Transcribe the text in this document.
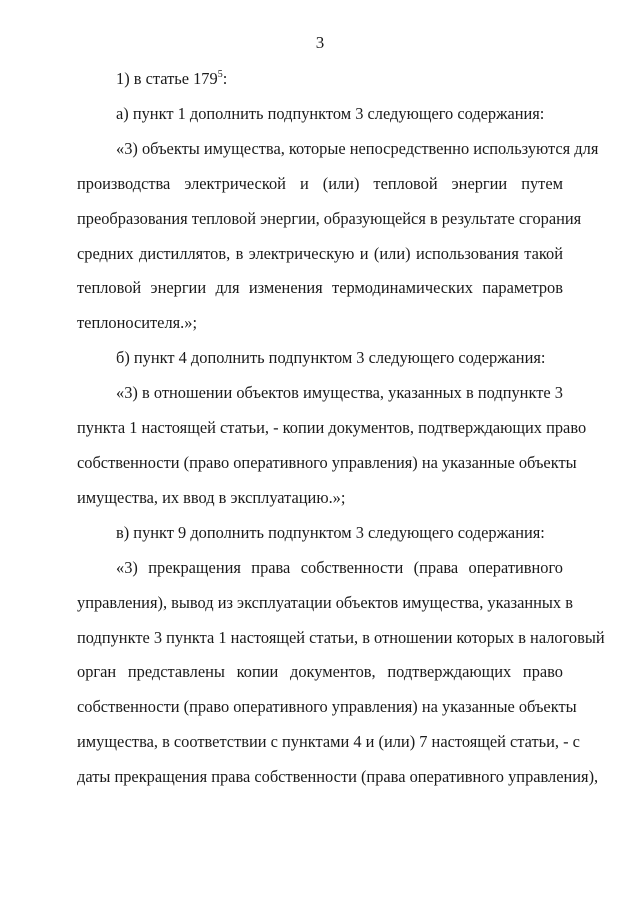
3
1) в статье $179^5$:
а) пункт 1 дополнить подпунктом 3 следующего содержания:
«3) объекты имущества, которые непосредственно используются для
производства электрической и (или) тепловой энергии путем
преобразования тепловой энергии, образующейся в результате сгорания
средних дистиллятов, в электрическую и (или) использования такой
тепловой энергии для изменения термодинамических параметров
теплоносителя.»;
б) пункт 4 дополнить подпунктом 3 следующего содержания:
«3) в отношении объектов имущества, указанных в подпункте 3
пункта 1 настоящей статьи, - копии документов, подтверждающих право
собственности (право оперативного управления) на указанные объекты
имущества, их ввод в эксплуатацию.»;
в) пункт 9 дополнить подпунктом 3 следующего содержания:
«3) прекращения права собственности (права оперативного
управления), вывод из эксплуатации объектов имущества, указанных в
подпункте 3 пункта 1 настоящей статьи, в отношении которых в налоговый
орган представлены копии документов, подтверждающих право
собственности (право оперативного управления) на указанные объекты
имущества, в соответствии с пунктами 4 и (или) 7 настоящей статьи, - с
даты прекращения права собственности (права оперативного управления),
